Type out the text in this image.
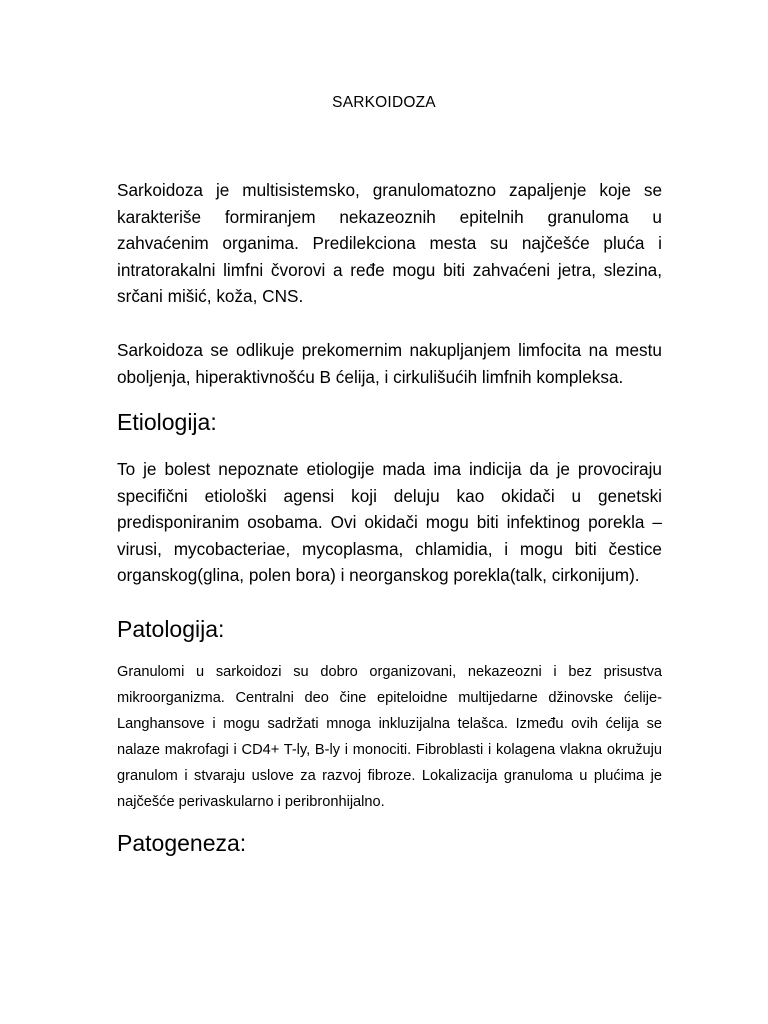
SARKOIDOZA

Sarkoidoza je multisistemsko, granulomatozno zapaljenje koje se karakteriše formiranjem nekazeoznih epitelnih granuloma u zahvaćenim organima. Predilekciona mesta su najčešće pluća i intratorakalni limfni čvorovi a ređe mogu biti zahvaćeni jetra, slezina, srčani mišić, koža, CNS.

Sarkoidoza se odlikuje prekomernim nakupljanjem limfocita na mestu oboljenja, hiperaktivnošću B ćelija, i cirkulišućih limfnih kompleksa.

Etiologija:

To je bolest nepoznate etiologije mada ima indicija da je provociraju specifični etiološki agensi koji deluju kao okidači u genetski predisponiranim osobama. Ovi okidači mogu biti infektinog porekla – virusi, mycobacteriae, mycoplasma, chlamidia, i mogu biti čestice organskog(glina, polen bora) i neorganskog porekla(talk, cirkonijum).

Patologija:

Granulomi u sarkoidozi su dobro organizovani, nekazeozni i bez prisustva mikroorganizma. Centralni deo čine epiteloidne multijedarne džinovske ćelije- Langhansove i mogu sadržati mnoga inkluzijalna telašca. Između ovih ćelija se nalaze makrofagi i CD4+ T-ly, B-ly i monociti. Fibroblasti i kolagena vlakna okružuju granulom i stvaraju uslove za razvoj fibroze. Lokalizacija granuloma u plućima je najčešće perivaskularno i peribronhijalno.

Patogeneza:
